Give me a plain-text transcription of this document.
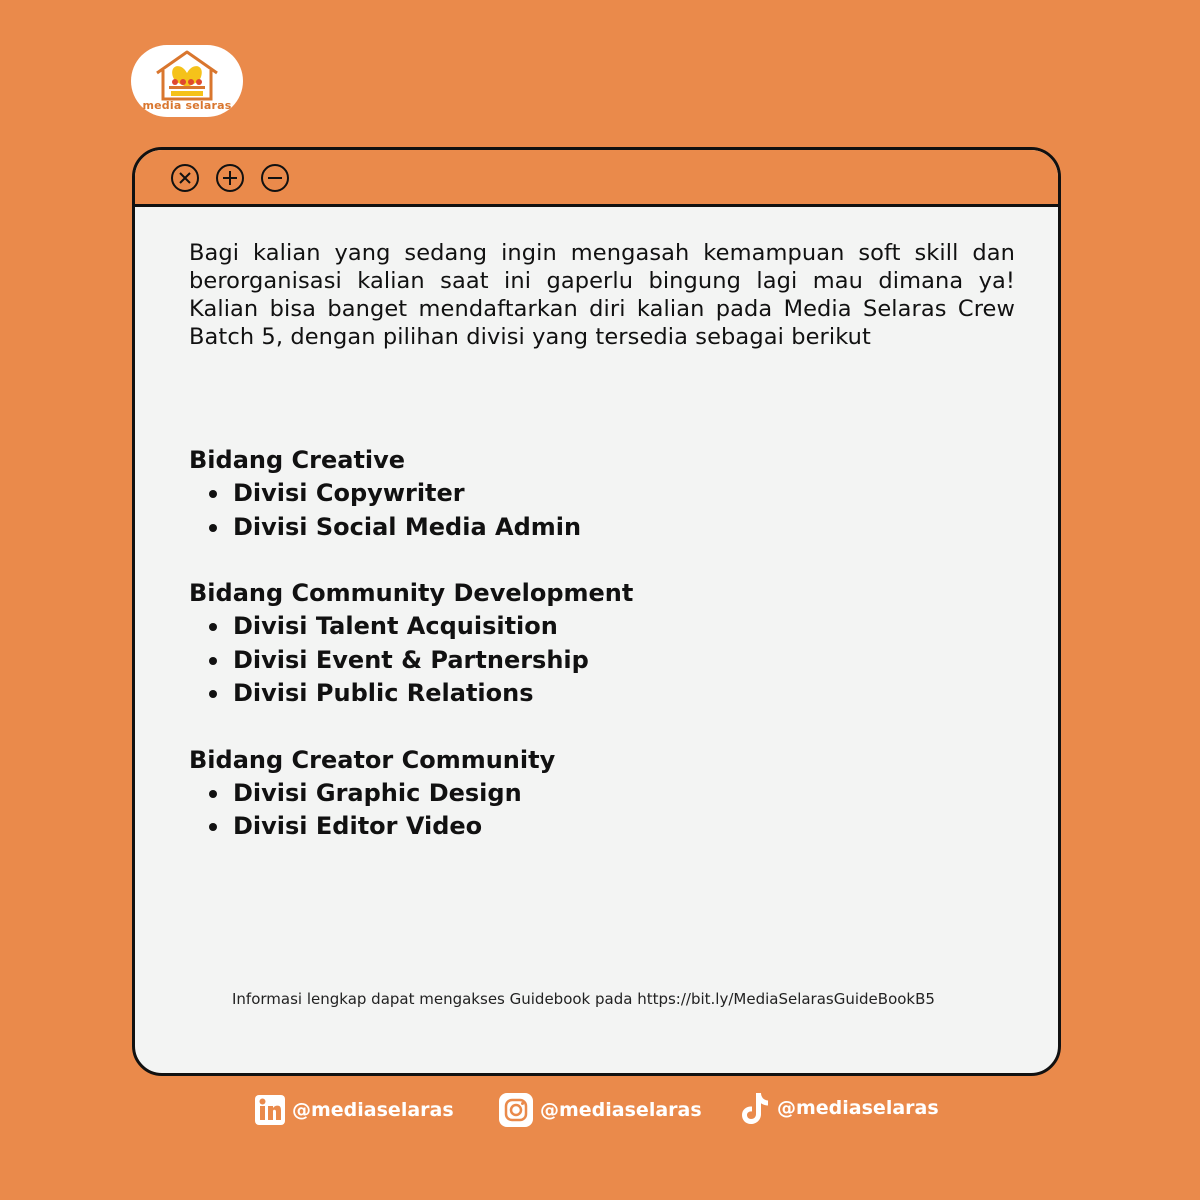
media selaras

Bagi kalian yang sedang ingin mengasah kemampuan soft skill dan berorganisasi kalian saat ini gaperlu bingung lagi mau dimana ya! Kalian bisa banget mendaftarkan diri kalian pada Media Selaras Crew Batch 5, dengan pilihan divisi yang tersedia sebagai berikut

Bidang Creative

Divisi Copywriter
Divisi Social Media Admin

Bidang Community Development

Divisi Talent Acquisition
Divisi Event & Partnership
Divisi Public Relations

Bidang Creator Community

Divisi Graphic Design
Divisi Editor Video

Informasi lengkap dapat mengakses Guidebook pada https://bit.ly/MediaSelarasGuideBookB5

@mediaselaras	@mediaselaras	@mediaselaras
